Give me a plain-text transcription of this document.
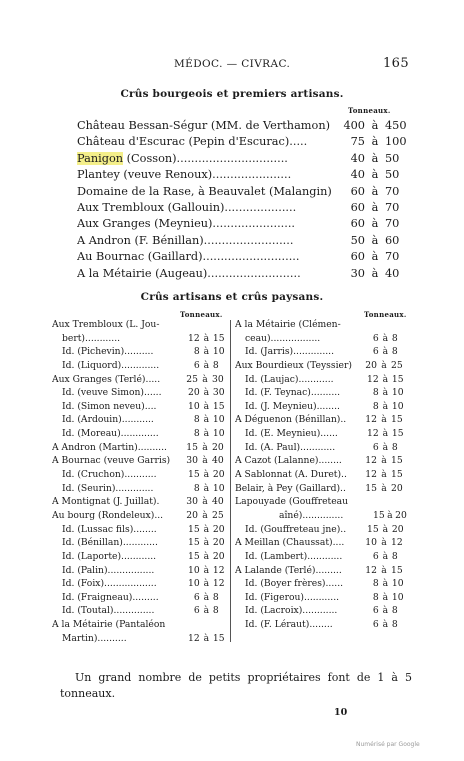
MÉDOC. — CIVRAC.	165
Crûs bourgeois et premiers artisans.
Tonneaux.
Château Bessan-Ségur (MM. de Verthamon)	400 à 450
Château d'Escurac (Pepin d'Escurac).....	75 à 100
Panigon (Cosson)...............................	40 à 50
Plantey (veuve Renoux)......................	40 à 50
Domaine de la Rase, à Beauvalet (Malangin)	60 à 70
Aux Trembloux (Gallouin)....................	60 à 70
Aux Granges (Meynieu).......................	60 à 70
A Andron (F. Bénillan).........................	50 à 60
Au Bournac (Gaillard)...........................	60 à 70
A la Métairie (Augeau)..........................	30 à 40
Crûs artisans et crûs paysans.
Tonneaux.	Tonneaux.
Aux Trembloux (L. Jou-
bert)............	12 à 15
Id. (Pichevin)..........	8 à 10
Id. (Liquord).............	6 à 8
Aux Granges (Terlé).....	25 à 30
Id. (veuve Simon)......	20 à 30
Id. (Simon neveu)....	10 à 15
Id. (Ardouin)...........	8 à 10
Id. (Moreau).............	8 à 10
A Andron (Martin)..........	15 à 20
A Bournac (veuve Garris)	30 à 40
Id. (Cruchon)...........	15 à 20
Id. (Seurin).............	8 à 10
A Montignat (J. Juillat).	30 à 40
Au bourg (Rondeleux)...	20 à 25
Id. (Lussac fils)........	15 à 20
Id. (Bénillan)............	15 à 20
Id. (Laporte)............	15 à 20
Id. (Palin)................	10 à 12
Id. (Foix)..................	10 à 12
Id. (Fraigneau).........	6 à 8
Id. (Toutal)..............	6 à 8
A la Métairie (Pantaléon
Martin)..........	12 à 15
A la Métairie (Clémen-
ceau).................	6 à 8
Id. (Jarris)..............	6 à 8
Aux Bourdieux (Teyssier)	20 à 25
Id. (Laujac)............	12 à 15
Id. (F. Teynac)..........	8 à 10
Id. (J. Meynieu)........	8 à 10
A Déguenon (Bénillan)..	12 à 15
Id. (E. Meynieu)......	12 à 15
Id. (A. Paul)............	6 à 8
A Cazot (Lalanne)........	12 à 15
A Sablonnat (A. Duret)..	12 à 15
Belair, à Pey (Gaillard)..	15 à 20
Lapouyade (Gouffreteau
aîné)..............	15 à 20
Id. (Gouffreteau jne)..	15 à 20
A Meillan (Chaussat)....	10 à 12
Id. (Lambert)............	6 à 8
A Lalande (Terlé).........	12 à 15
Id. (Boyer frères)......	8 à 10
Id. (Figerou)............	8 à 10
Id. (Lacroix)............	6 à 8
Id. (F. Léraut)........	6 à 8
Un grand nombre de petits propriétaires font de 1 à 5 tonneaux.
10
Numérisé par Google
